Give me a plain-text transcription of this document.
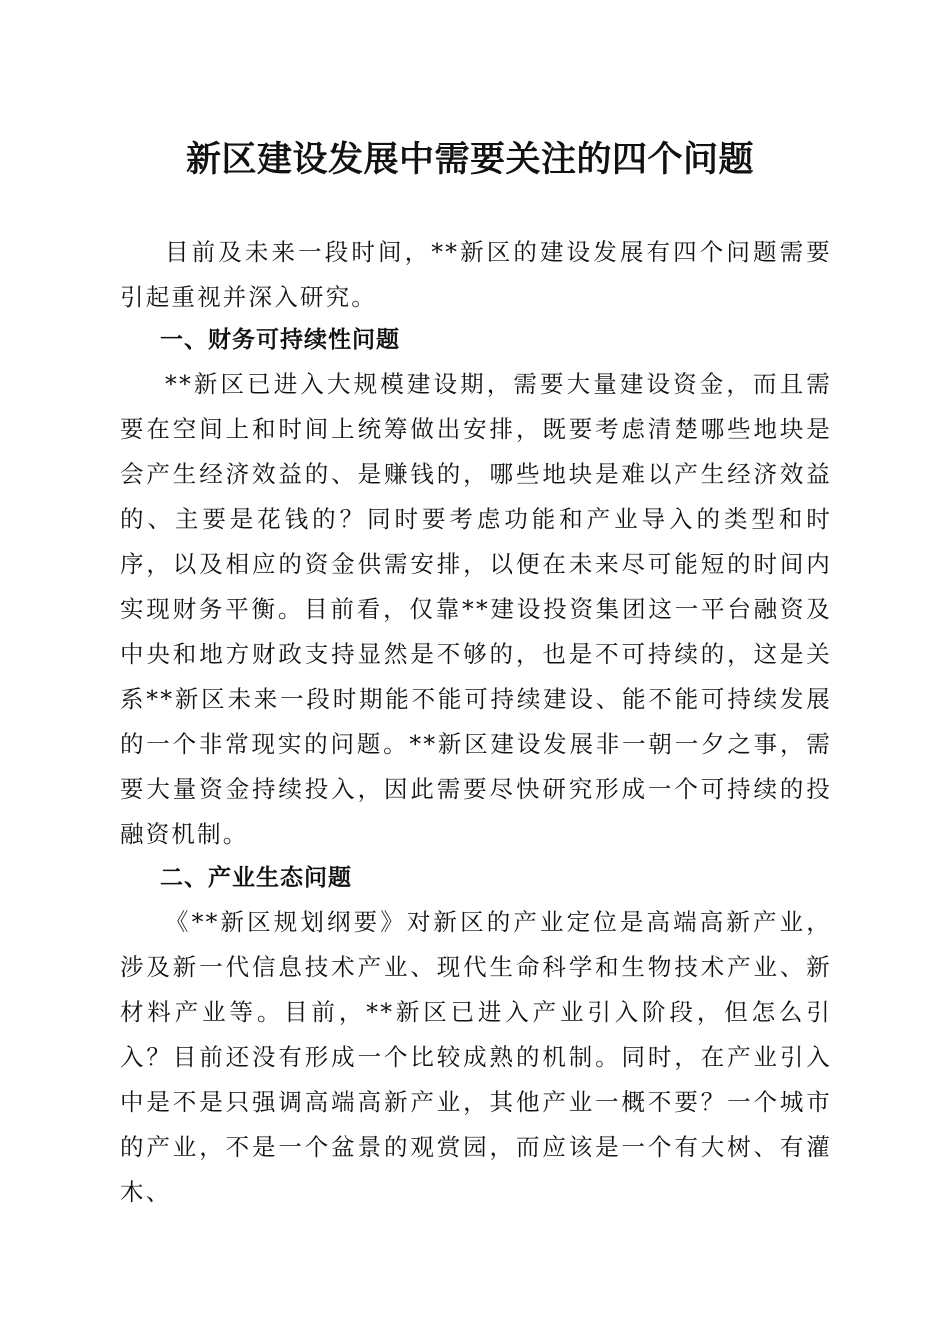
新区建设发展中需要关注的四个问题

目前及未来一段时间，**新区的建设发展有四个问题需要引起重视并深入研究。

一、财务可持续性问题

**新区已进入大规模建设期，需要大量建设资金，而且需要在空间上和时间上统筹做出安排，既要考虑清楚哪些地块是会产生经济效益的、是赚钱的，哪些地块是难以产生经济效益的、主要是花钱的？同时要考虑功能和产业导入的类型和时序，以及相应的资金供需安排，以便在未来尽可能短的时间内实现财务平衡。目前看，仅靠**建设投资集团这一平台融资及中央和地方财政支持显然是不够的，也是不可持续的，这是关系**新区未来一段时期能不能可持续建设、能不能可持续发展的一个非常现实的问题。**新区建设发展非一朝一夕之事，需要大量资金持续投入，因此需要尽快研究形成一个可持续的投融资机制。

二、产业生态问题

《**新区规划纲要》对新区的产业定位是高端高新产业，涉及新一代信息技术产业、现代生命科学和生物技术产业、新材料产业等。目前，**新区已进入产业引入阶段，但怎么引入？目前还没有形成一个比较成熟的机制。同时，在产业引入中是不是只强调高端高新产业，其他产业一概不要？一个城市的产业，不是一个盆景的观赏园，而应该是一个有大树、有灌木、
